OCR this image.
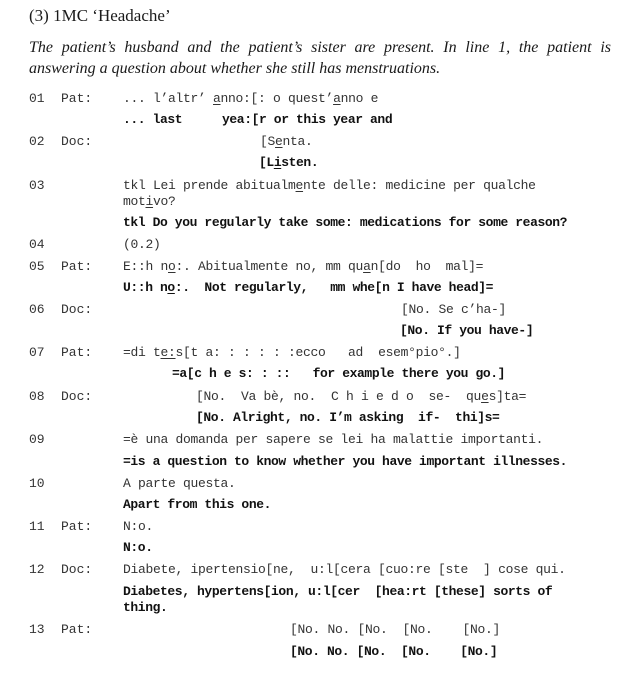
(3) 1MC ‘Headache’
The patient’s husband and the patient’s sister are present. In line 1, the patient is answering a question about whether she still has menstruations.
01 Pat: ... l’altr’ anno:[: o quest’anno e
... last	yea:[r or this year and
02 Doc:	[Senta.
[Listen.
03	tkl Lei prende abitualmente delle: medicine per qualche
motivo?
tkl Do you regularly take some: medications for some reason?
04	(0.2)
05 Pat: E::h no:. Abitualmente no, mm quan[do  ho  mal]=
U::h no:.  Not regularly,   mm whe[n I have head]=
06 Doc:	[No. Se c’ha-]
[No. If you have-]
07 Pat: =di te:s[t a: : : : : :ecco   ad  esem°pio°.]
=a[c h e s: : ::   for example there you go.]
08 Doc:	[No.  Va bè, no.  C h i e d o  se-  ques]ta=
[No. Alright, no. I’m asking  if-  thi]s=
09	=è una domanda per sapere se lei ha malattie importanti.
=is a question to know whether you have important illnesses.
10	A parte questa.
Apart from this one.
11 Pat: N:o.
N:o.
12 Doc: Diabete, ipertensio[ne,  u:l[cera [cuo:re [ste  ] cose qui.
Diabetes, hypertens[ion, u:l[cer  [hea:rt [these] sorts of
thing.
13 Pat:	[No. No. [No.  [No.    [No.]
[No. No. [No.  [No.    [No.]
